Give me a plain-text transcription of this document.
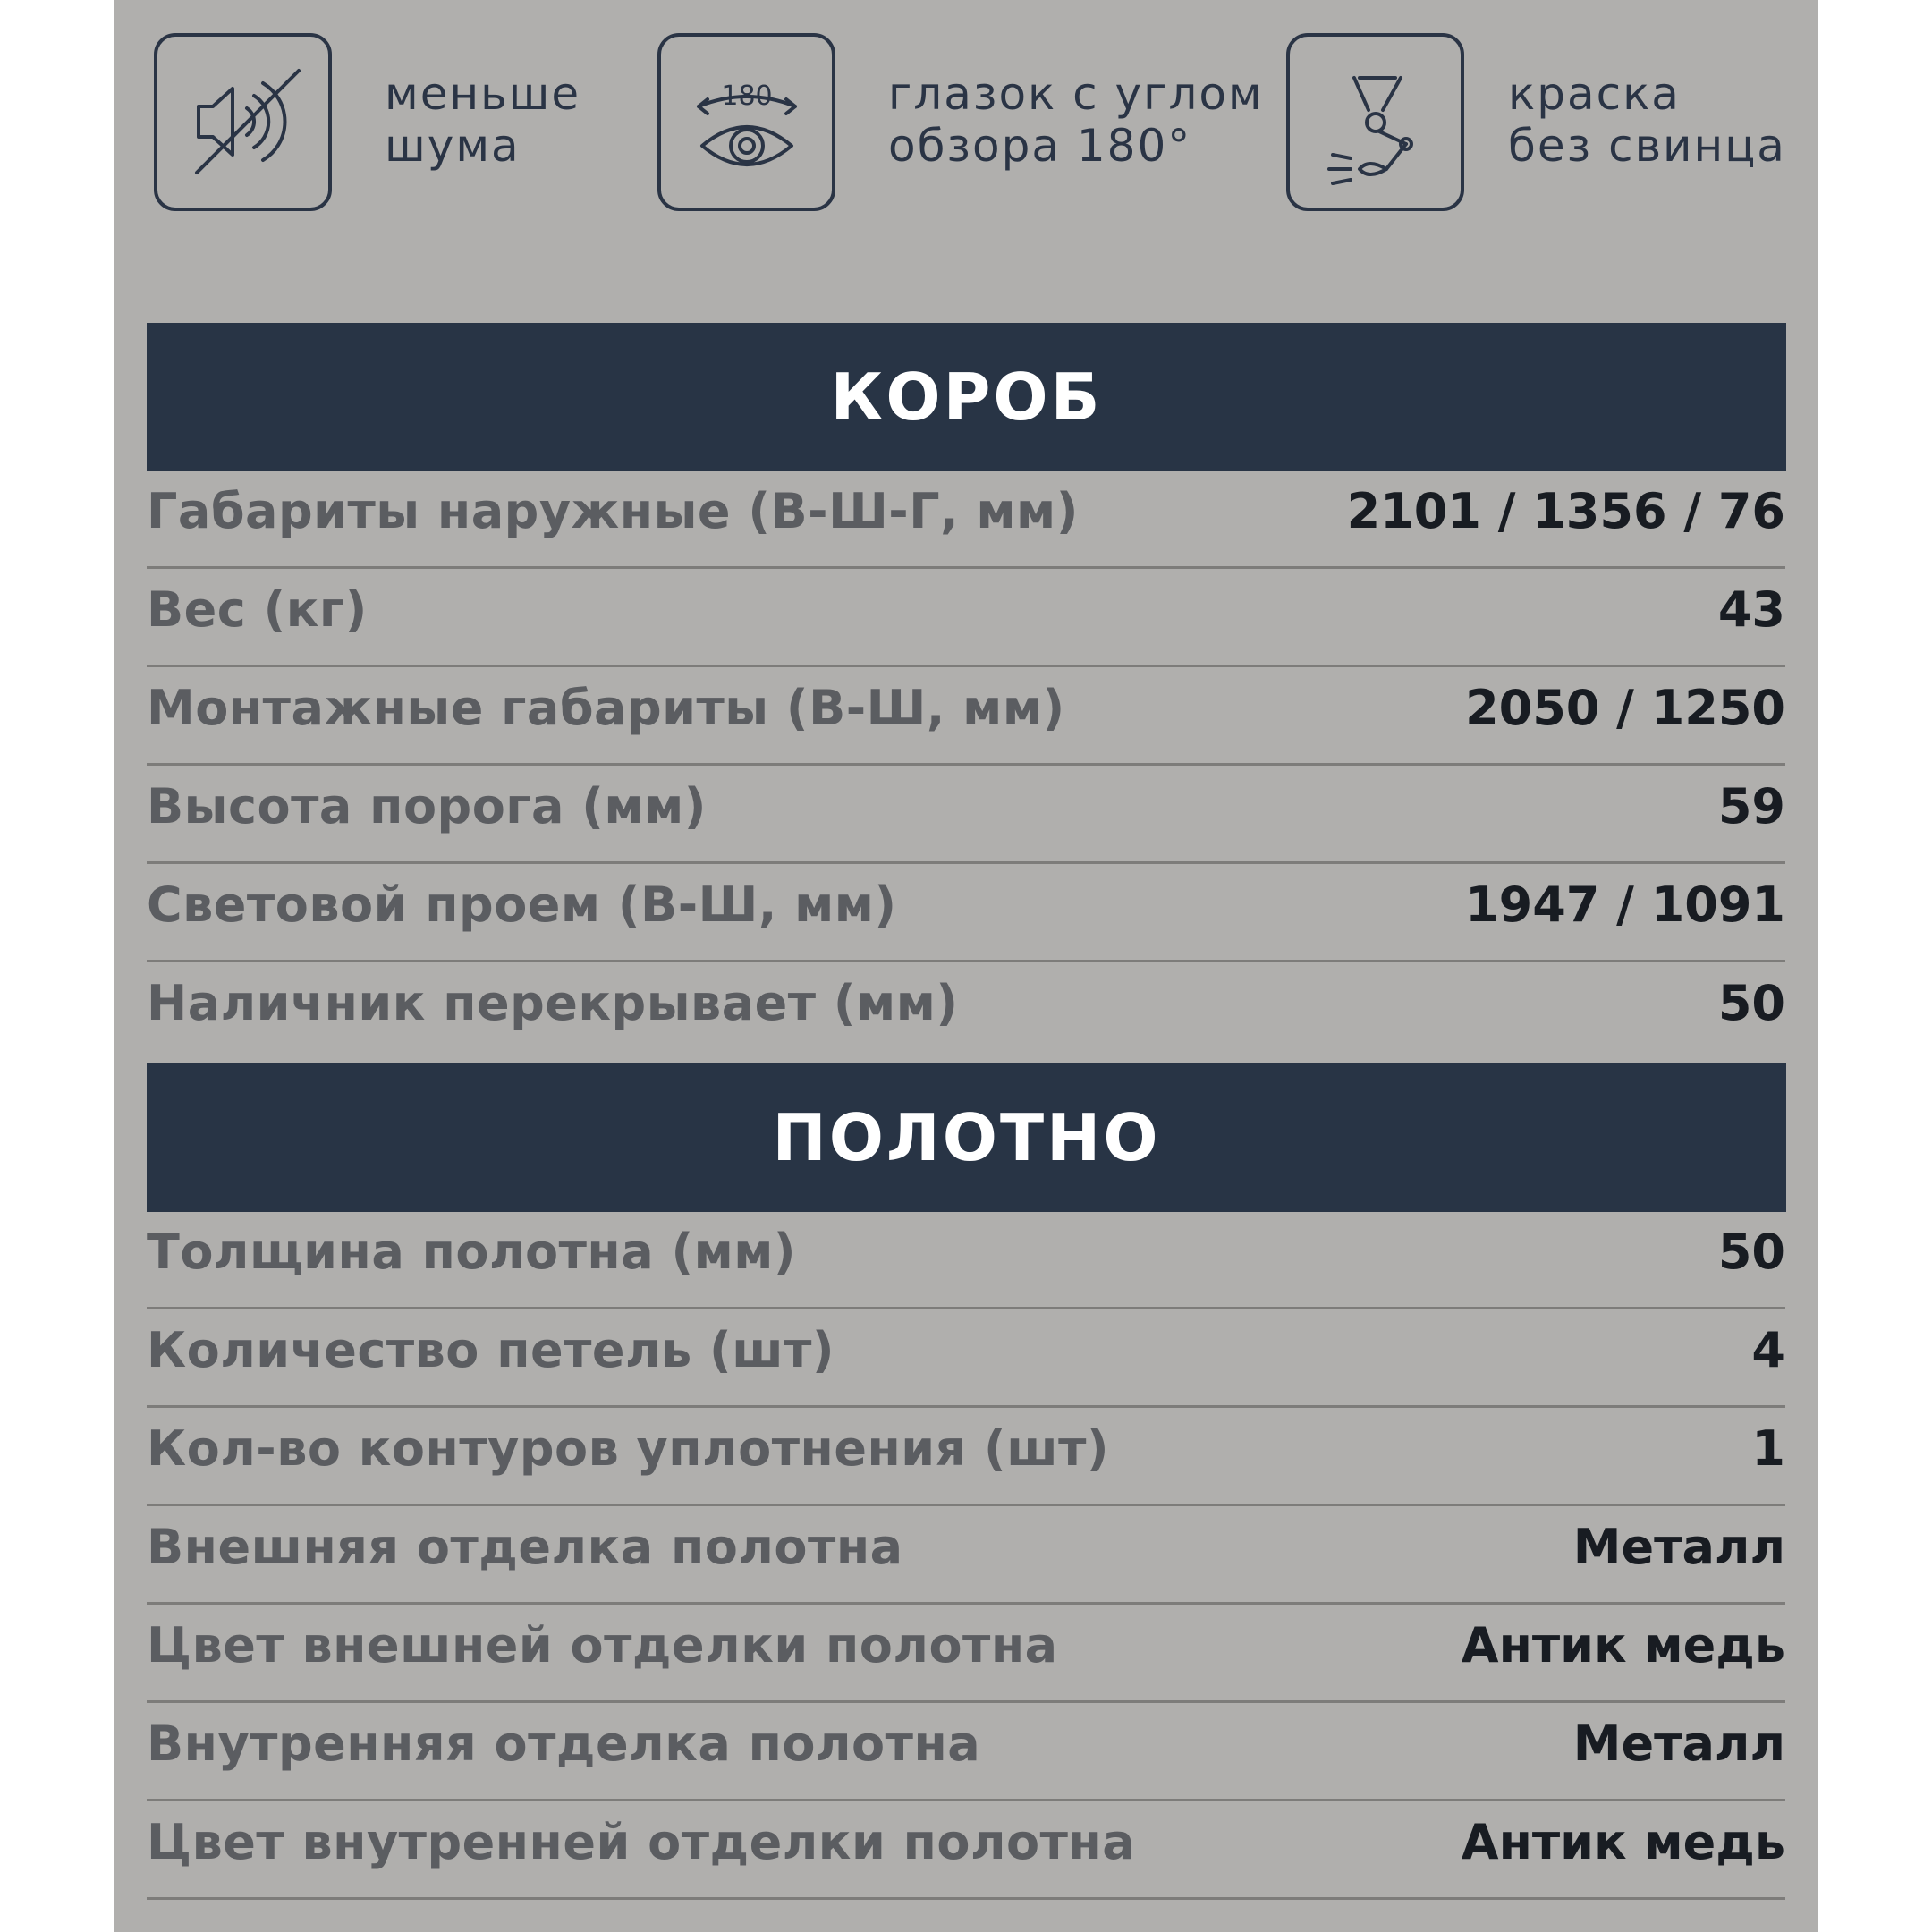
меньше
шума
180	глазок с углом
обзора 180°
краска
без свинца
КОРОБ
Габариты наружные (В-Ш-Г, мм)	2101 / 1356 / 76
Вес (кг)	43
Монтажные габариты (В-Ш, мм)	2050 / 1250
Высота порога (мм)	59
Световой проем (В-Ш, мм)	1947 / 1091
Наличник перекрывает (мм)	50
ПОЛОТНО
Толщина полотна (мм)	50
Количество петель (шт)	4
Кол-во контуров уплотнения (шт)	1
Внешняя отделка полотна	Металл
Цвет внешней отделки полотна	Антик медь
Внутренняя отделка полотна	Металл
Цвет внутренней отделки полотна	Антик медь
